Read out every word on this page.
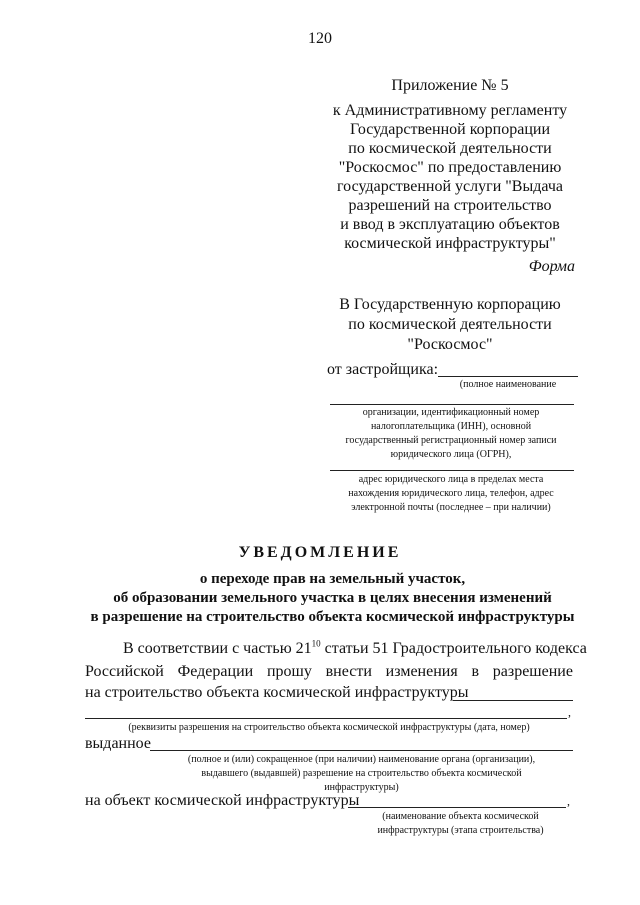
120
Приложение № 5
к Административному регламенту
Государственной корпорации
по космической деятельности
"Роскосмос" по предоставлению
государственной услуги "Выдача
разрешений на строительство
и ввод в эксплуатацию объектов
космической инфраструктуры"
Форма
В Государственную корпорацию
по космической деятельности
"Роскосмос"
от застройщика:
(полное наименование
организации, идентификационный номер
налогоплательщика (ИНН), основной
государственный регистрационный номер записи
юридического лица (ОГРН),
адрес юридического лица в пределах места
нахождения юридического лица, телефон, адрес
электронной почты (последнее – при наличии)
УВЕДОМЛЕНИЕ
о переходе прав на земельный участок,
об образовании земельного участка в целях внесения изменений
в разрешение на строительство объекта космической инфраструктуры
В соответствии с частью $21^{10}$ статьи 51 Градостроительного кодекса
Российской Федерации прошу внести изменения в разрешение
на строительство объекта космической инфраструктуры
,
(реквизиты разрешения на строительство объекта космической инфраструктуры (дата, номер)
выданное
(полное и (или) сокращенное (при наличии) наименование органа (организации),
выдавшего (выдавшей) разрешение на строительство объекта космической
инфраструктуры)
на объект космической инфраструктуры	,
(наименование объекта космической
инфраструктуры (этапа строительства)
